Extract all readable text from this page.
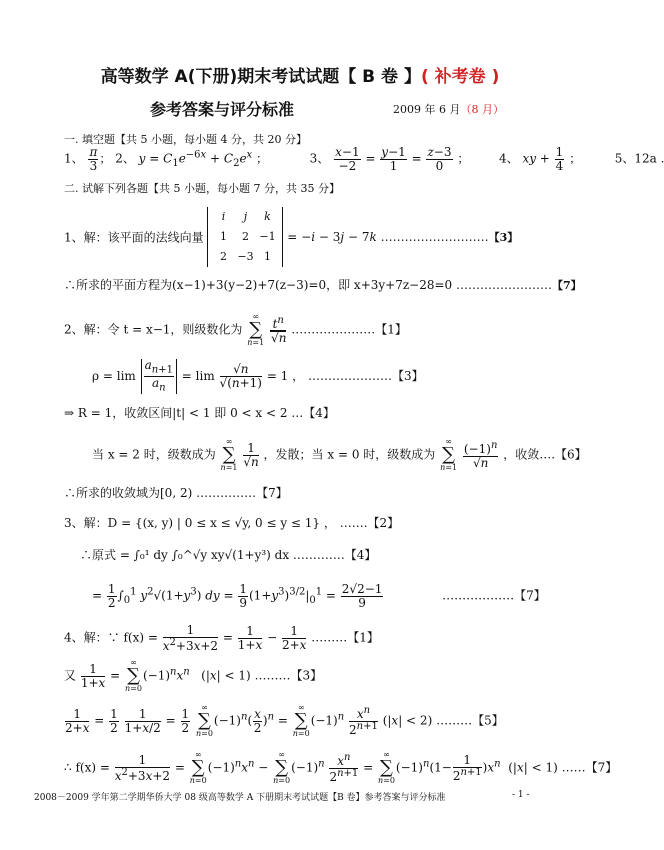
高等数学 A(下册)期末考试试题【 B 卷 】( 补考卷 )
参考答案与评分标准	2009 年 6 月（8 月）
一. 填空题【共 5 小题，每小题 4 分，共 20 分】
1、 $\frac{\pi}{3}$ ； 2、 $y = C_1e^{-6x} + C_2e^x$ ；	3、 $\frac{x-1}{-2} = \frac{y-1}{1} = \frac{z-3}{0}$ ；  4、 xy + $\frac{1}{4}$ ；  5、12a .
二. 试解下列各题【共 5 小题，每小题 7 分，共 35 分】
1、解：该平面的法线向量 i j k
1 2 −1
2 −3 1 = −i − 3j − 7k ………………………【3】
∴所求的平面方程为(x−1)+3(y−2)+7(z−3)=0，即 x+3y+7z−28=0 ……………………【7】
2、解：令 t = x−1，则级数化为 ∞
∑
$n=1 \frac{t^n}{√n}$ …………………【1】
$\rho = \lim \frac{a_{n+1}}{a_n} = \lim \frac{√n}{√(n+1)} = 1$ ， …………………【3】
⇒ R = 1，收敛区间|t| < 1 即 0 < x < 2 …【4】
当 x = 2 时，级数成为 ∞
∑
$n=1 \frac{1}{√n}$ ，发散；当 x = 0 时，级数成为 ∞
∑
$n=1 \frac{(-1)^n}{√n}$ ，收敛….【6】
∴所求的收敛域为[0, 2) ……………【7】
3、解：D = {(x, y) | 0 ≤ x ≤ √y, 0 ≤ y ≤ 1} ， …….【2】
∴原式 = ∫₀¹ dy ∫₀^√y xy√(1+y³) dx ………….【4】
= $\frac{1}{2} \int_0^1$ $y^2√(1+y^3)$ dy = $\frac{1}{9} (1+y^3)^{3/2}|_0^1 = \frac{2√2-1}{9}$	………………【7】
4、解：∵ $f(x) = \frac{1}{x^2+3x+2} = \frac{1}{1+x} - \frac{1}{2+x}$ ………【1】
又 $\frac{1}{1+x}$ = ∞
∑
$n=0(-1)^nx^n$   (|x| < 1) ………【3】
$\frac{1}{2+x} = \frac{1}{2}$
$\frac{1}{1+x/2} = \frac{1}{2}$
∞
∑
$n=0(-1)^n( \frac{x}{2} )^n$ = ∞
∑
$n=0(-1)^n \frac{x^n}{2^{n+1}} (|x| < 2)$ ………【5】
∴ $f(x) = \frac{1}{x^2+3x+2}$ = ∞
∑
$n=0(-1)^nx^n$ − ∞
∑
$n=0(-1)^n \frac{x^n}{2^{n+1}}$ = ∞
∑
$n=0(-1)^n(1- \frac{1}{2^{n+1}} )x^n$  (|x| < 1) ……【7】
2008－2009 学年第二学期华侨大学 08 级高等数学 A 下册期末考试试题【B 卷】参考答案与评分标准	- 1 -
